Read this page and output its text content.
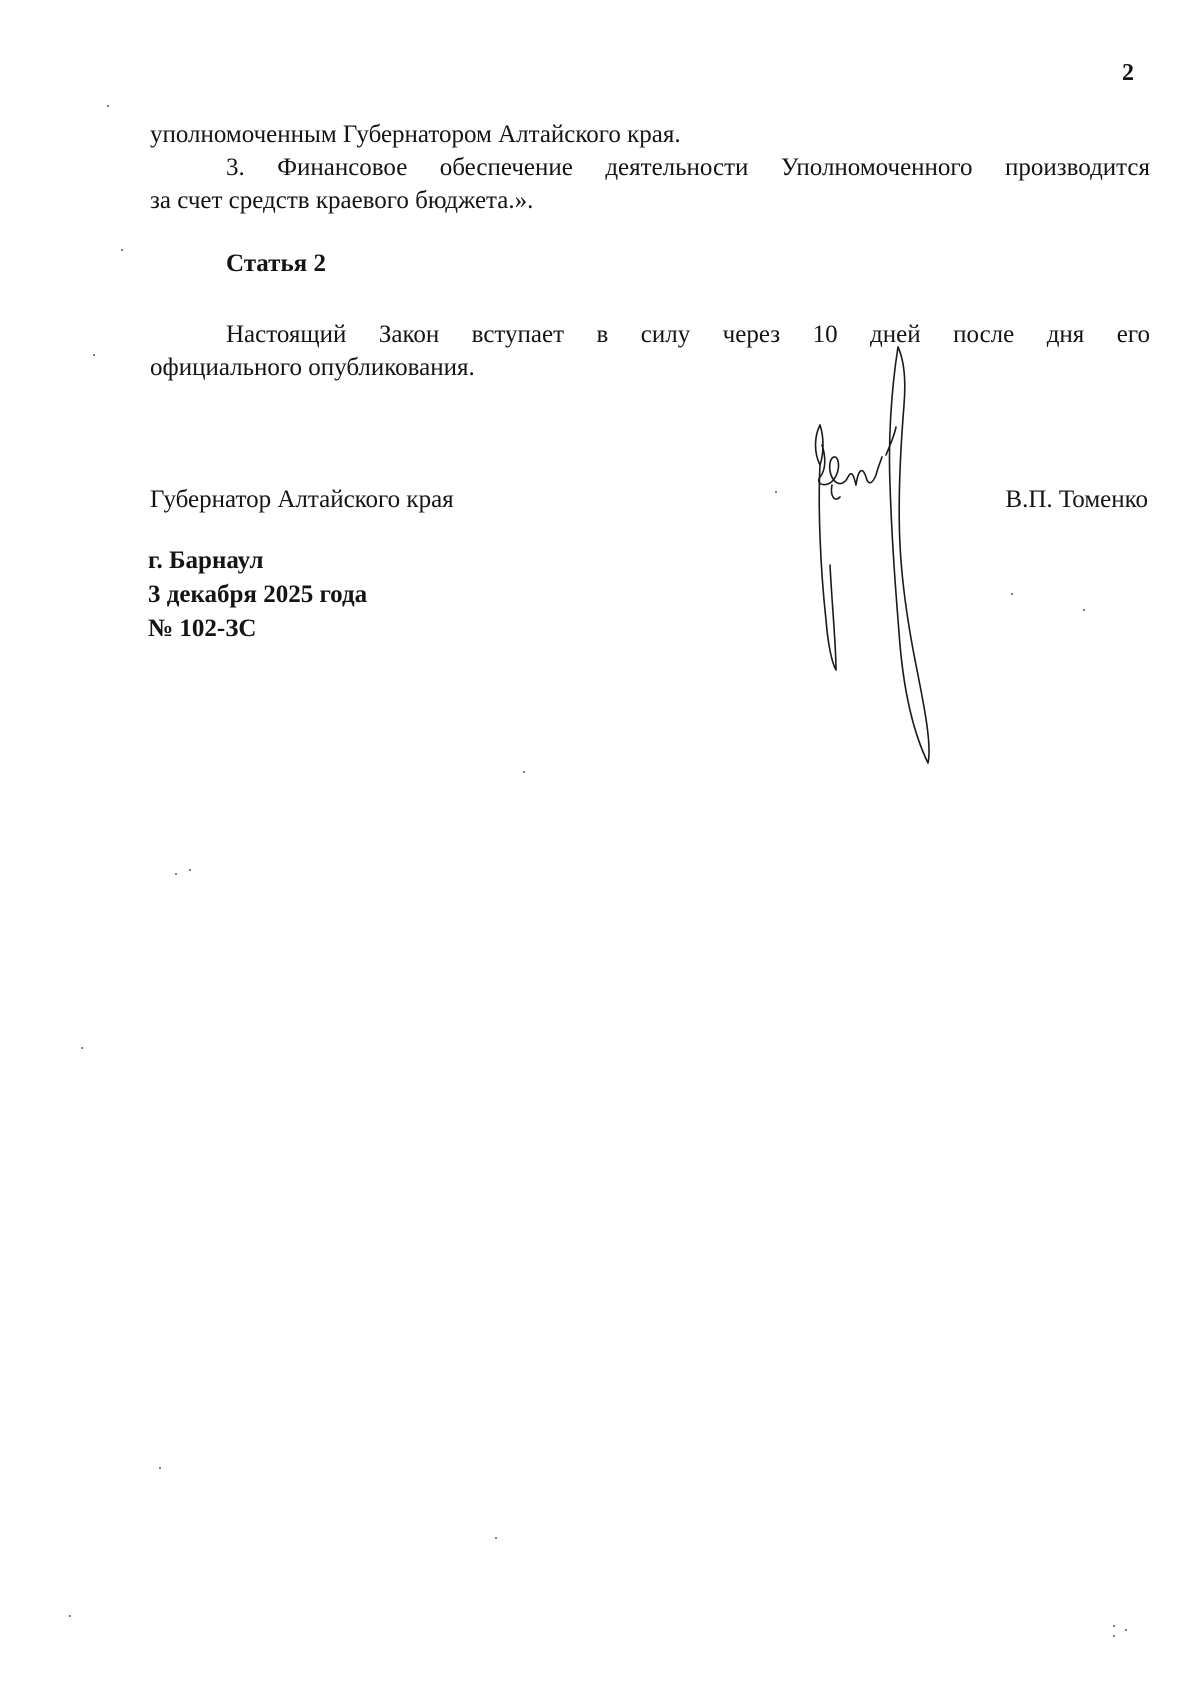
2
уполномоченным Губернатором Алтайского края.
3. Финансовое обеспечение деятельности Уполномоченного производится
за счет средств краевого бюджета.».
Статья 2
Настоящий Закон вступает в силу через 10 дней после дня его
официального опубликования.
Губернатор Алтайского края	В.П. Томенко
г. Барнаул
3 декабря 2025 года
№ 102-ЗС
